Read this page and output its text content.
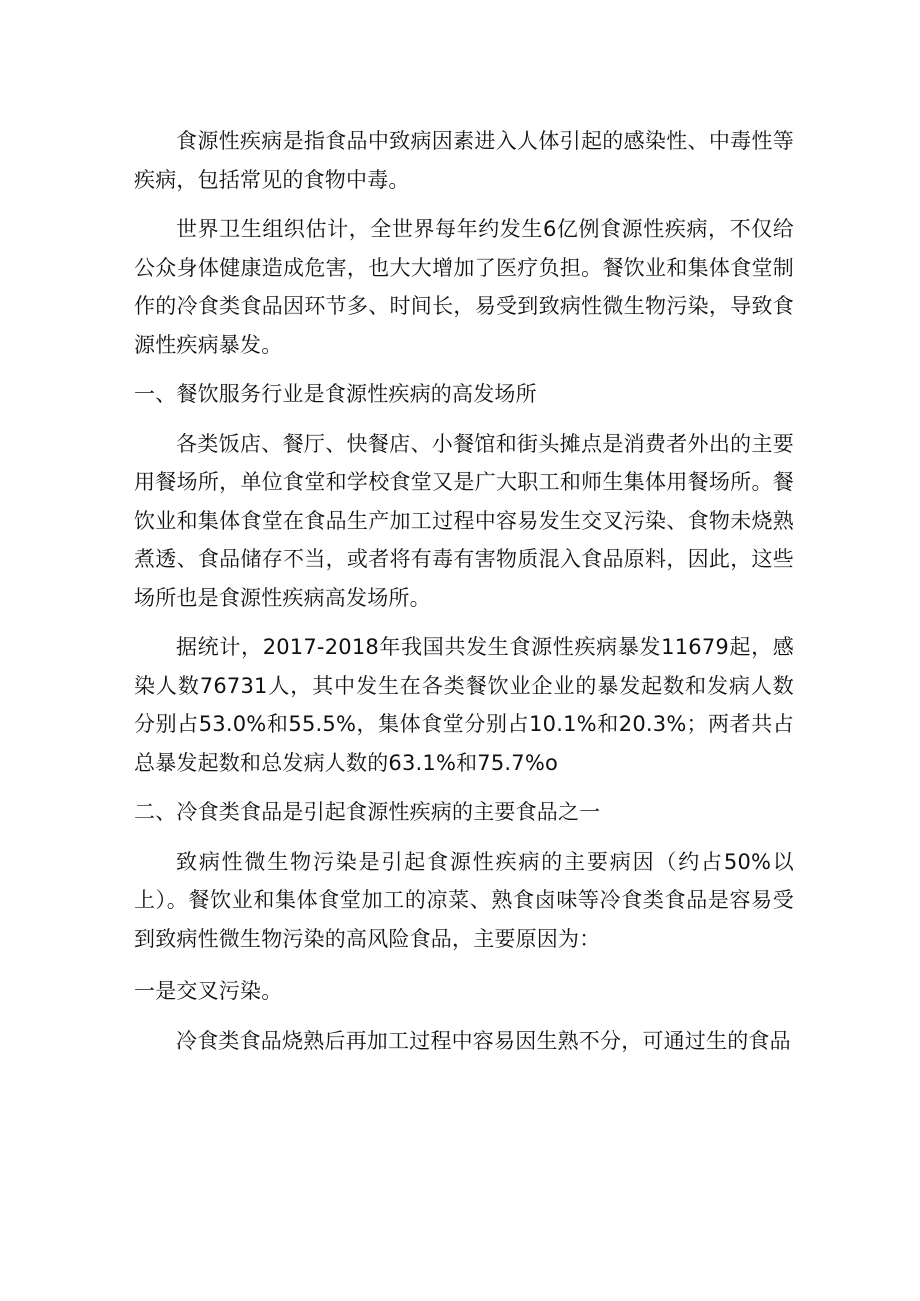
食源性疾病是指食品中致病因素进入人体引起的感染性、中毒性等疾病，包括常见的食物中毒。

世界卫生组织估计，全世界每年约发生6亿例食源性疾病，不仅给公众身体健康造成危害，也大大增加了医疗负担。餐饮业和集体食堂制作的冷食类食品因环节多、时间长，易受到致病性微生物污染，导致食源性疾病暴发。

一、餐饮服务行业是食源性疾病的高发场所

各类饭店、餐厅、快餐店、小餐馆和街头摊点是消费者外出的主要用餐场所，单位食堂和学校食堂又是广大职工和师生集体用餐场所。餐饮业和集体食堂在食品生产加工过程中容易发生交叉污染、食物未烧熟煮透、食品储存不当，或者将有毒有害物质混入食品原料，因此，这些场所也是食源性疾病高发场所。

据统计，2017-2018年我国共发生食源性疾病暴发11679起，感染人数76731人，其中发生在各类餐饮业企业的暴发起数和发病人数分别占53.0%和55.5%，集体食堂分别占10.1%和20.3%；两者共占总暴发起数和总发病人数的63.1%和75.7%o

二、冷食类食品是引起食源性疾病的主要食品之一

致病性微生物污染是引起食源性疾病的主要病因（约占50%以上）。餐饮业和集体食堂加工的凉菜、熟食卤味等冷食类食品是容易受到致病性微生物污染的高风险食品，主要原因为：

一是交叉污染。

冷食类食品烧熟后再加工过程中容易因生熟不分，可通过生的食品
